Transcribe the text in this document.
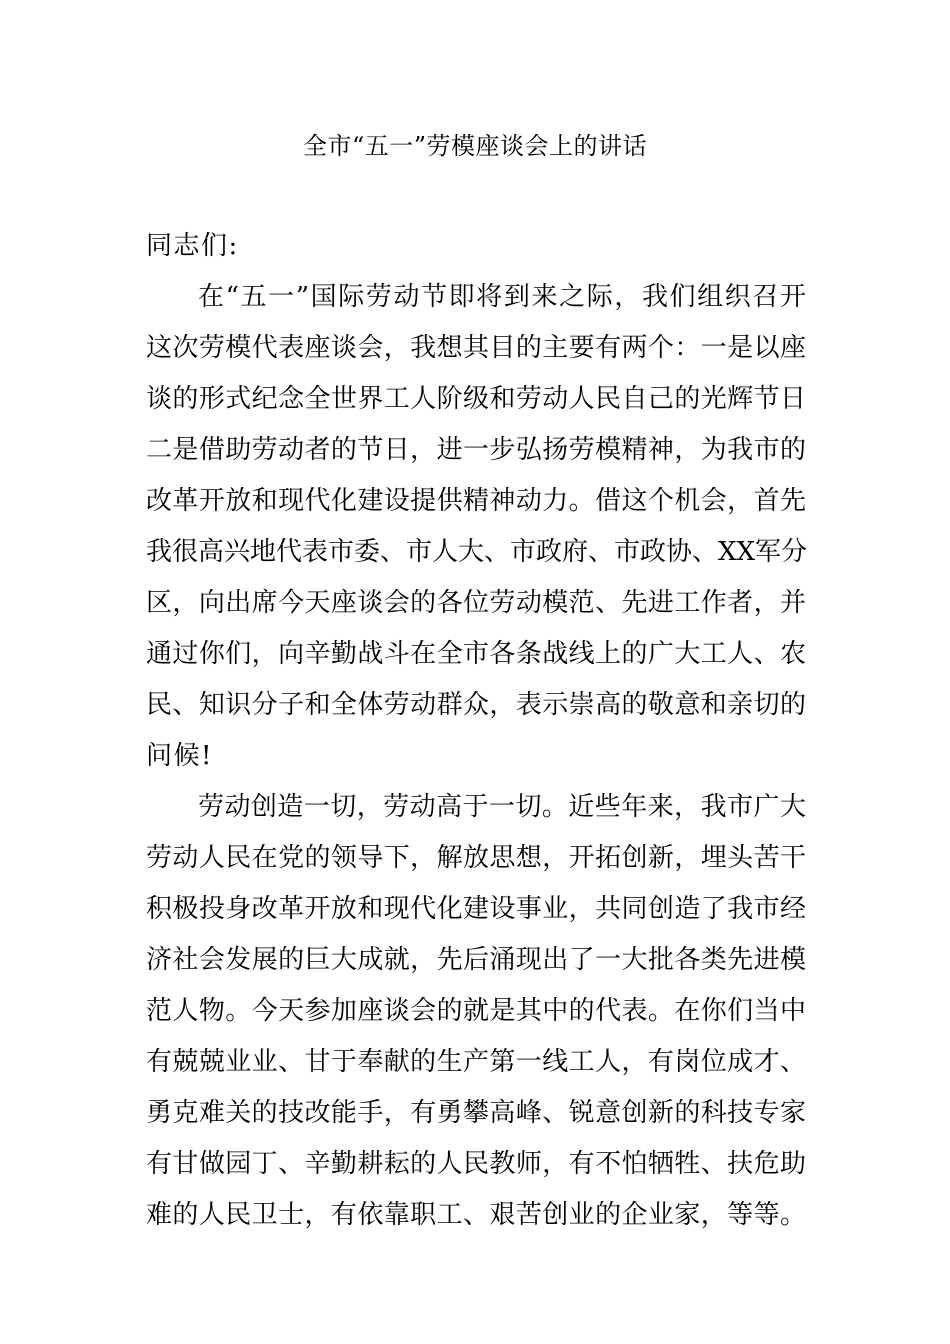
全市“五一”劳模座谈会上的讲话
同志们:
在“五一”国际劳动节即将到来之际，我们组织召开
这次劳模代表座谈会，我想其目的主要有两个：一是以座
谈的形式纪念全世界工人阶级和劳动人民自己的光辉节日
二是借助劳动者的节日，进一步弘扬劳模精神，为我市的
改革开放和现代化建设提供精神动力。借这个机会，首先
我很高兴地代表市委、市人大、市政府、市政协、XX军分
区，向出席今天座谈会的各位劳动模范、先进工作者，并
通过你们，向辛勤战斗在全市各条战线上的广大工人、农
民、知识分子和全体劳动群众，表示崇高的敬意和亲切的
问候!
劳动创造一切，劳动高于一切。近些年来，我市广大
劳动人民在党的领导下，解放思想，开拓创新，埋头苦干
积极投身改革开放和现代化建设事业，共同创造了我市经
济社会发展的巨大成就，先后涌现出了一大批各类先进模
范人物。今天参加座谈会的就是其中的代表。在你们当中
有兢兢业业、甘于奉献的生产第一线工人，有岗位成才、
勇克难关的技改能手，有勇攀高峰、锐意创新的科技专家
有甘做园丁、辛勤耕耘的人民教师，有不怕牺牲、扶危助
难的人民卫士，有依靠职工、艰苦创业的企业家，等等。
